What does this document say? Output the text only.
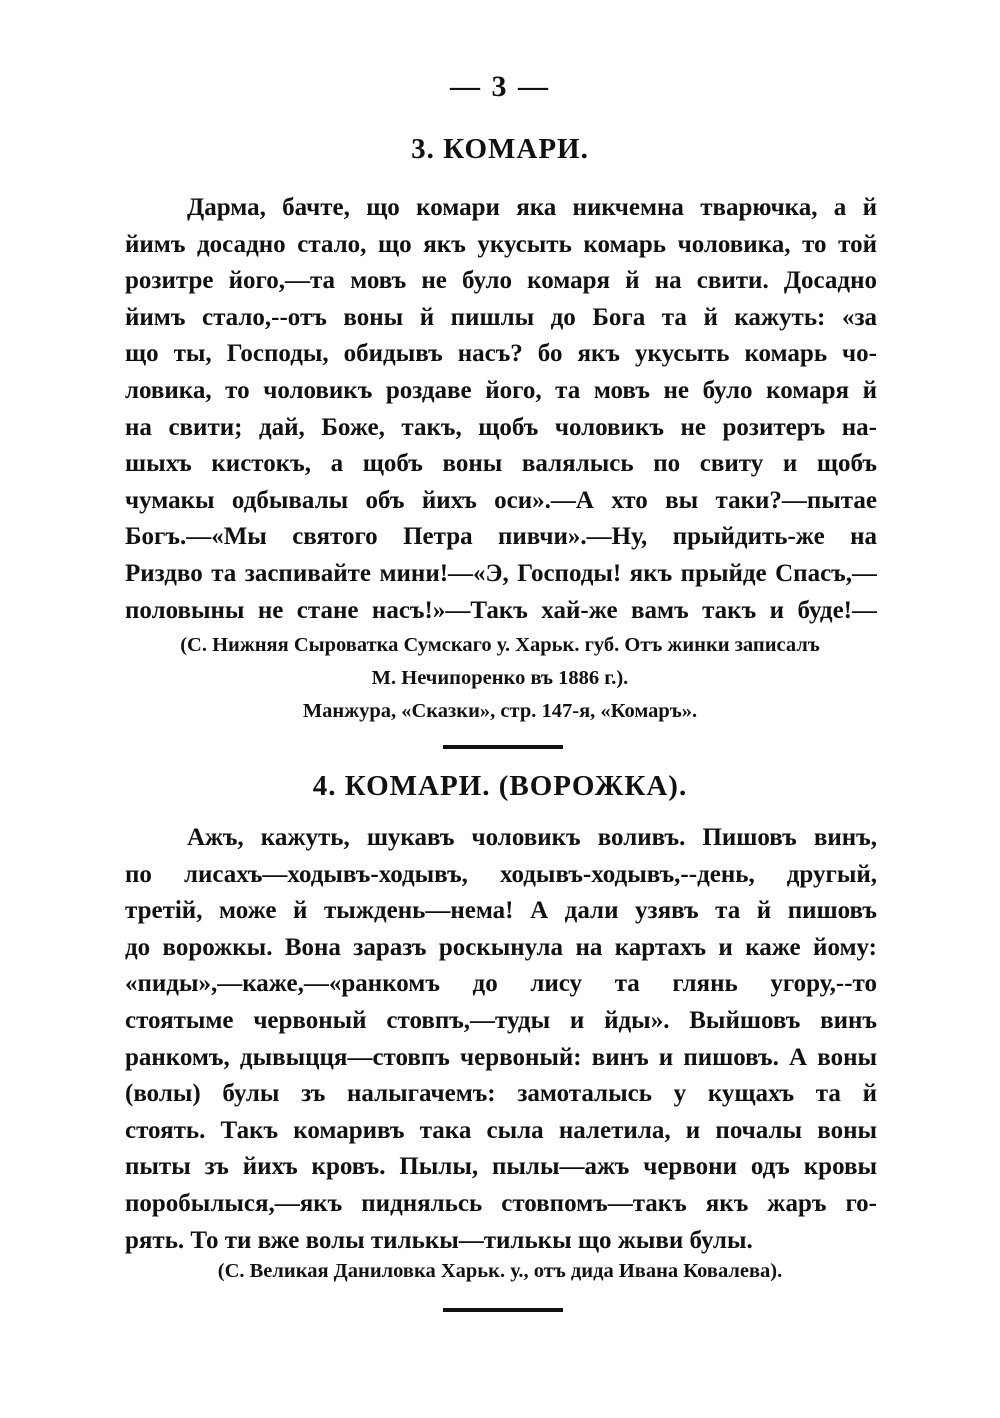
— 3 —
3. КОМАРИ.
Дарма, бачте, що комари яка никчемна тварючка, а й
йимъ досадно стало, що якъ укусыть комарь чоловика, то той
розитре його,—та мовъ не було комаря й на свити. Досадно
йимъ стало,--отъ воны й пишлы до Бога та й кажуть: «за
що ты, Господы, обидывъ насъ? бо якъ укусыть комарь чо-
ловика, то чоловикъ роздаве його, та мовъ не було комаря й
на свити; дай, Боже, такъ, щобъ чоловикъ не розитеръ на-
шыхъ кистокъ, а щобъ воны валялысь по свиту и щобъ
чумакы одбывалы объ йихъ оси».—А хто вы таки?—пытае
Богъ.—«Мы святого Петра пивчи».—Ну, прыйдить-же на
Риздво та заспивайте мини!—«Э, Господы! якъ прыйде Спасъ,—
половыны не стане насъ!»—Такъ хай-же вамъ такъ и буде!—
(С. Нижняя Сыроватка Сумскаго у. Харьк. губ. Отъ жинки записалъ
М. Нечипоренко въ 1886 г.).
Манжура, «Сказки», стр. 147-я, «Комаръ».
4. КОМАРИ. (ВОРОЖКА).
Ажъ, кажуть, шукавъ чоловикъ воливъ. Пишовъ винъ,
по лисахъ—ходывъ-ходывъ, ходывъ-ходывъ,--день, другый,
третій, може й тыждень—нема! А дали узявъ та й пишовъ
до ворожкы. Вона заразъ роскынула на картахъ и каже йому:
«пиды»,—каже,—«ранкомъ до лису та глянь угору,--то
стоятыме червоный стовпъ,—туды и йды». Выйшовъ винъ
ранкомъ, дывыцця—стовпъ червоный: винъ и пишовъ. А воны
(волы) булы зъ налыгачемъ: замоталысь у кущахъ та й
стоять. Такъ комаривъ така сыла налетила, и почалы воны
пыты зъ йихъ кровъ. Пылы, пылы—ажъ червони одъ кровы
поробылыся,—якъ пидняльсь стовпомъ—такъ якъ жаръ го-
рять. То ти вже волы тилькы—тилькы що жыви булы.
(С. Великая Даниловка Харьк. у., отъ дида Ивана Ковалева).
